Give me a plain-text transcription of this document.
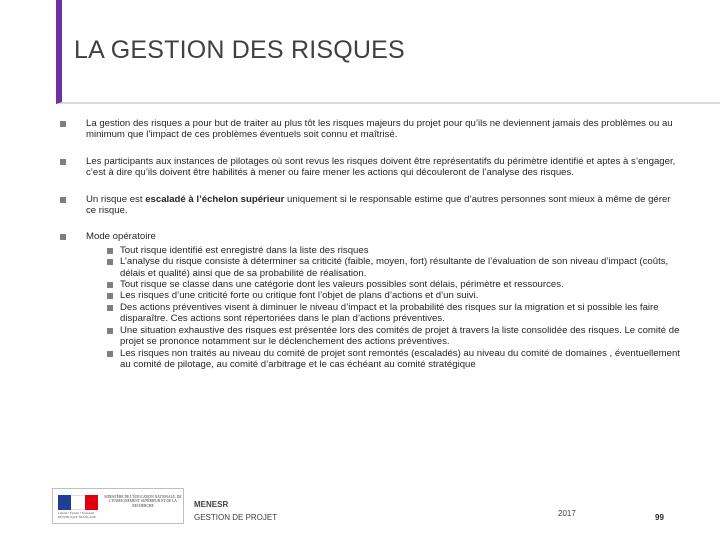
LA GESTION DES RISQUES
La gestion des risques a pour but de traiter au plus tôt les risques majeurs du projet pour qu’ils ne deviennent jamais des problèmes ou au minimum que l’impact de ces problèmes éventuels soit connu et maîtrisé.
Les participants aux instances de pilotages où sont revus les risques doivent être représentatifs du périmètre identifié et aptes à s’engager, c’est à dire qu’ils doivent être habilités à mener ou faire mener les actions qui découleront de l’analyse des risques.
Un risque est escaladé à l’échelon supérieur uniquement si le responsable estime que d’autres personnes sont mieux à même de gérer ce risque.
Mode opératoire
Tout risque identifié est enregistré dans la liste des risques
L’analyse du risque consiste à déterminer sa criticité (faible, moyen, fort) résultante de l’évaluation de son niveau d’impact (coûts, délais et qualité) ainsi que de sa probabilité de réalisation.
Tout risque se classe dans une catégorie dont les valeurs possibles sont délais, périmètre et ressources.
Les risques d’une criticité forte ou critique font l’objet de plans d’actions et d’un suivi.
Des actions préventives visent à diminuer le niveau d’impact et la probabilité des risques sur la migration et si possible les faire disparaître. Ces actions sont répertoriées dans le plan d’actions préventives.
Une situation exhaustive des risques est présentée lors des comités de projet à travers la liste consolidée des risques. Le comité de projet se prononce notamment sur le déclenchement des actions préventives.
Les risques non traités au niveau du comité de projet sont remontés (escaladés) au niveau du comité de domaines , éventuellement au comité de pilotage, au comité d’arbitrage et le cas échéant au comité stratégique
Liberté • Égalité • Fraternité RÉPUBLIQUE FRANÇAISE
MINISTÈRE DE L’ÉDUCATION NATIONALE, DE L’ENSEIGNEMENT SUPÉRIEUR ET DE LA RECHERCHE	MENESR
GESTION DE PROJET	2017	99
